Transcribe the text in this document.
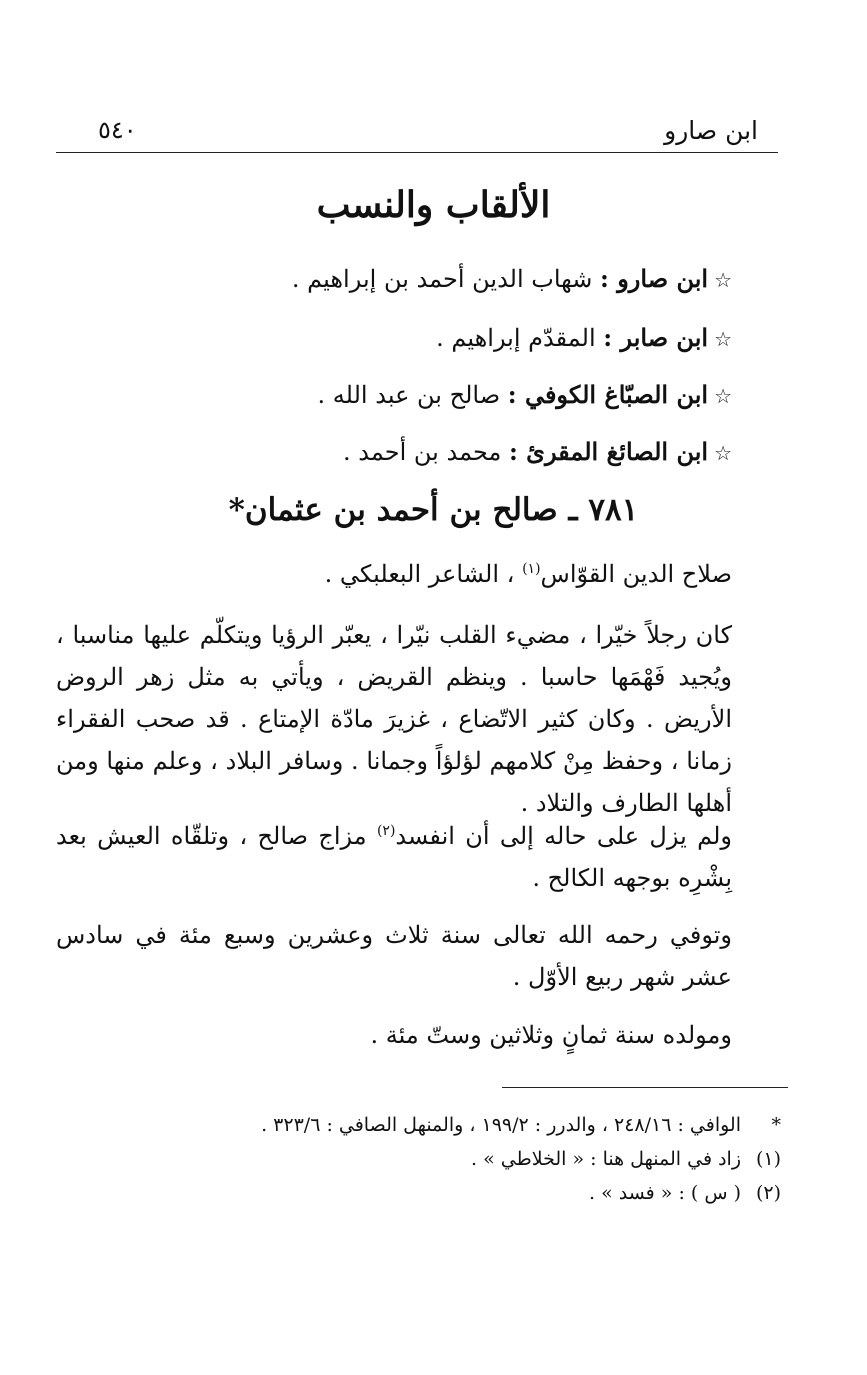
ابن صارو
٥٤٠
الألقاب والنسب
☆ابن صارو : شهاب الدين أحمد بن إبراهيم .
☆ابن صابر : المقدّم إبراهيم .
☆ابن الصبّاغ الكوفي : صالح بن عبد الله .
☆ابن الصائغ المقرئ : محمد بن أحمد .
٧٨١ ـ صالح بن أحمد بن عثمان*
صلاح الدين القوّاس$^{(١)}$ ، الشاعر البعلبكي .
كان رجلاً خيّرا ، مضيء القلب نيّرا ، يعبّر الرؤيا ويتكلّم عليها مناسبا ، ويُجيد فَهْمَها حاسبا . وينظم القريض ، ويأتي به مثل زهر الروض الأريض . وكان كثير الاتّضاع ، غزيرَ مادّة الإمتاع . قد صحب الفقراء زمانا ، وحفظ مِنْ كلامهم لؤلؤاً وجمانا . وسافر البلاد ، وعلم منها ومن أهلها الطارف والتلاد .
ولم يزل على حاله إلى أن انفسد$^{(٢)}$ مزاج صالح ، وتلقّاه العيش بعد بِشْرِه بوجهه الكالح .
وتوفي رحمه الله تعالى سنة ثلاث وعشرين وسبع مئة في سادس عشر شهر ربيع الأوّل .
ومولده سنة ثمانٍ وثلاثين وستّ مئة .
*الوافي : ٢٤٨/١٦ ، والدرر : ١٩٩/٢ ، والمنهل الصافي : ٣٢٣/٦ .
(١)زاد في المنهل هنا : « الخلاطي » .
(٢)( س ) : « فسد » .
